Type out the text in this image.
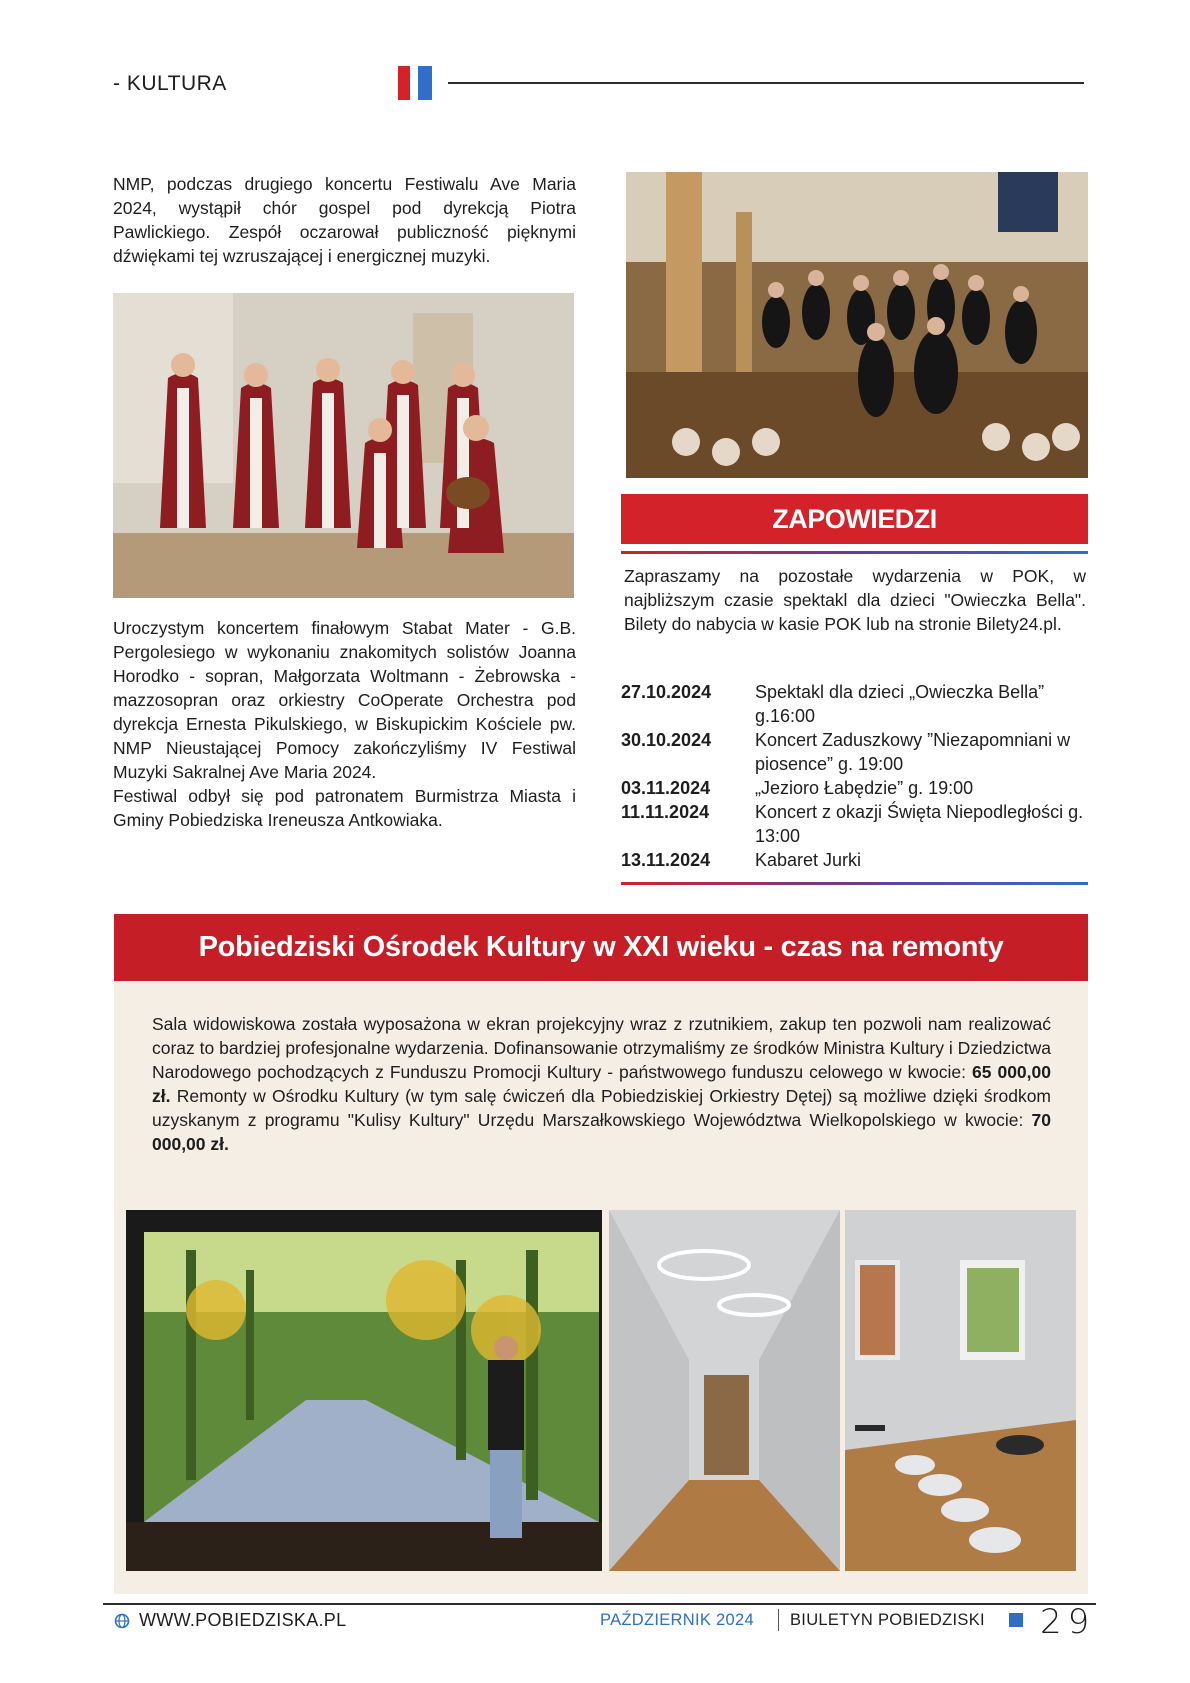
- KULTURA
NMP, podczas drugiego koncertu Festiwalu Ave Maria 2024, wystąpił chór gospel pod dyrekcją Piotra Pawlickiego. Zespół oczarował publiczność pięknymi dźwiękami tej wzruszającej i energicznej muzyki.

Uroczystym koncertem finałowym Stabat Mater - G.B. Pergolesiego w wykonaniu znakomitych solistów Joanna Horodko - sopran, Małgorzata Woltmann - Żebrowska - mazzosopran oraz orkiestry CoOperate Orchestra pod dyrekcja Ernesta Pikulskiego, w Biskupickim Kościele pw. NMP Nieustającej Pomocy zakończyliśmy IV Festiwal Muzyki Sakralnej Ave Maria 2024.

Festiwal odbył się pod patronatem Burmistrza Miasta i Gminy Pobiedziska Ireneusza Antkowiaka.

ZAPOWIEDZI
Zapraszamy na pozostałe wydarzenia w POK, w najbliższym czasie spektakl dla dzieci "Owieczka Bella". Bilety do nabycia w kasie POK lub na stronie Bilety24.pl.
27.10.2024	Spektakl dla dzieci „Owieczka Bella” g.16:00
30.10.2024	Koncert Zaduszkowy ”Niezapomniani w piosence” g. 19:00
03.11.2024	„Jezioro Łabędzie” g. 19:00
11.11.2024	Koncert z okazji Święta Niepodległości g. 13:00
13.11.2024	Kabaret Jurki
Pobiedziski Ośrodek Kultury w XXI wieku - czas na remonty
Sala widowiskowa została wyposażona w ekran projekcyjny wraz z rzutnikiem, zakup ten pozwoli nam realizować coraz to bardziej profesjonalne wydarzenia. Dofinansowanie otrzymaliśmy ze środków Ministra Kultury i Dziedzictwa Narodowego pochodzących z Funduszu Promocji Kultury - państwowego funduszu celowego w kwocie: 65 000,00 zł. Remonty w Ośrodku Kultury (w tym salę ćwiczeń dla Pobiedziskiej Orkiestry Dętej) są możliwe dzięki środkom uzyskanym z programu "Kulisy Kultury" Urzędu Marszałkowskiego Województwa Wielkopolskiego w kwocie: 70 000,00 zł.
WWW.POBIEDZISKA.PL	PAŹDZIERNIK 2024 BIULETYN POBIEDZISKI 29
